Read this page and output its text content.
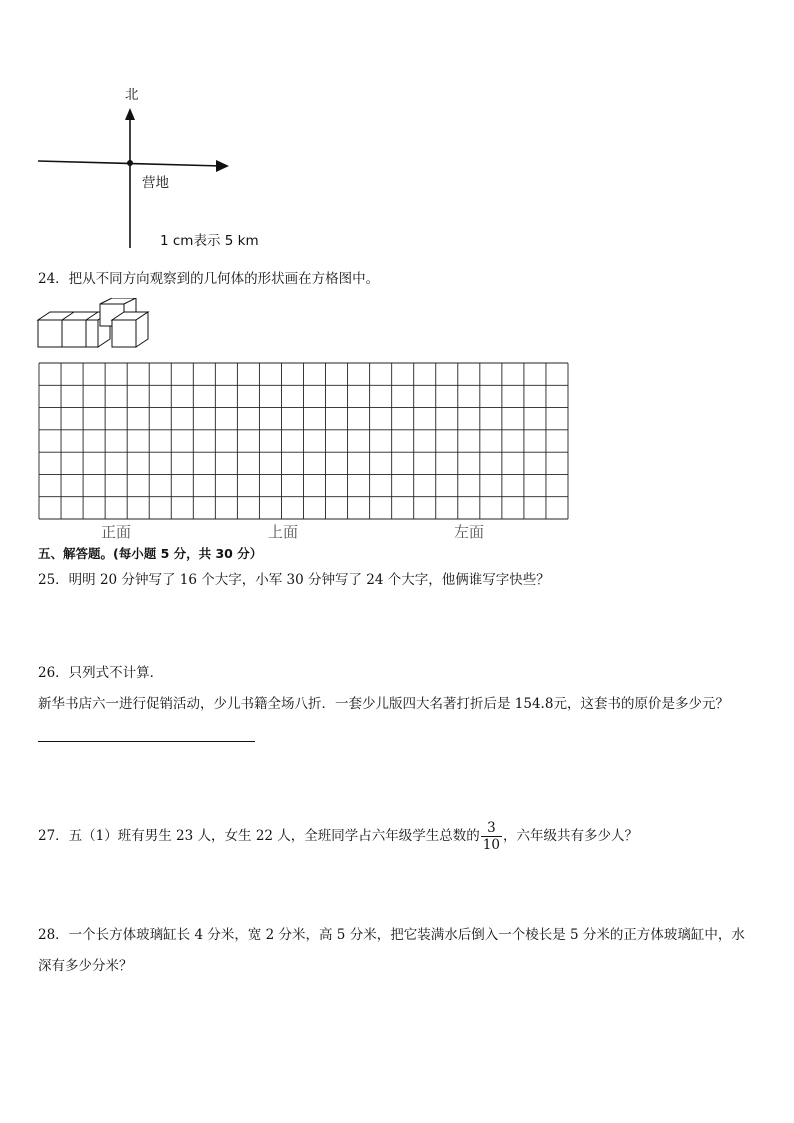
北
营地
1 cm表示 5 km
24．把从不同方向观察到的几何体的形状画在方格图中。
正面	上面	左面
五、解答题。(每小题 5 分，共 30 分）
25．明明 20 分钟写了 16 个大字，小军 30 分钟写了 24 个大字，他俩谁写字快些？
26．只列式不计算．
新华书店六一进行促销活动，少儿书籍全场八折．一套少儿版四大名著打折后是 154.8元，这套书的原价是多少元？
27．五（1）班有男生 23 人，女生 22 人，全班同学占六年级学生总数的 $\frac{3}{10}$ ，六年级共有多少人？
28．一个长方体玻璃缸长 4 分米，宽 2 分米，高 5 分米，把它装满水后倒入一个棱长是 5 分米的正方体玻璃缸中，水
深有多少分米？
